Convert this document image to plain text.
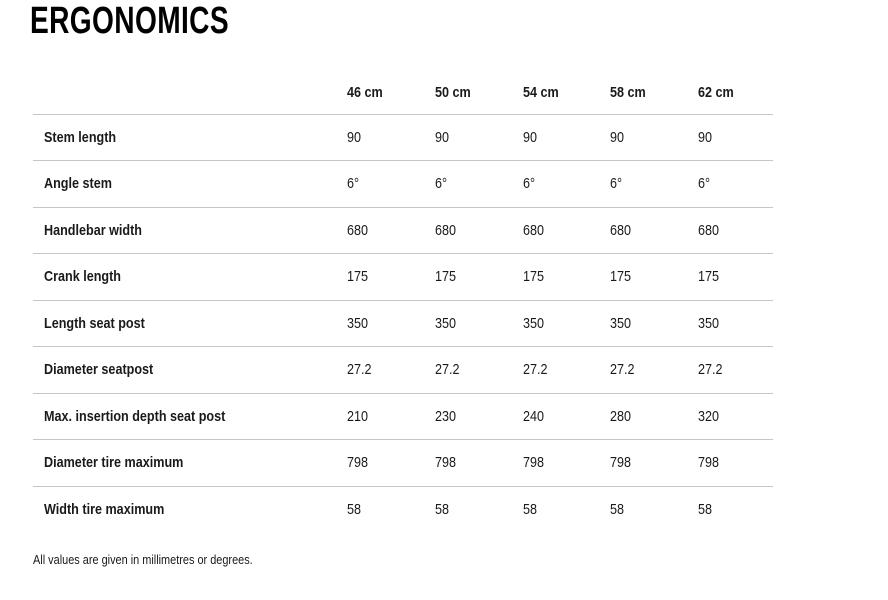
ERGONOMICS
	46 cm	50 cm	54 cm	58 cm	62 cm
Stem length	90	90	90	90	90
Angle stem	6°	6°	6°	6°	6°
Handlebar width	680	680	680	680	680
Crank length	175	175	175	175	175
Length seat post	350	350	350	350	350
Diameter seatpost	27.2	27.2	27.2	27.2	27.2
Max. insertion depth seat post	210	230	240	280	320
Diameter tire maximum	798	798	798	798	798
Width tire maximum	58	58	58	58	58

All values are given in millimetres or degrees.
